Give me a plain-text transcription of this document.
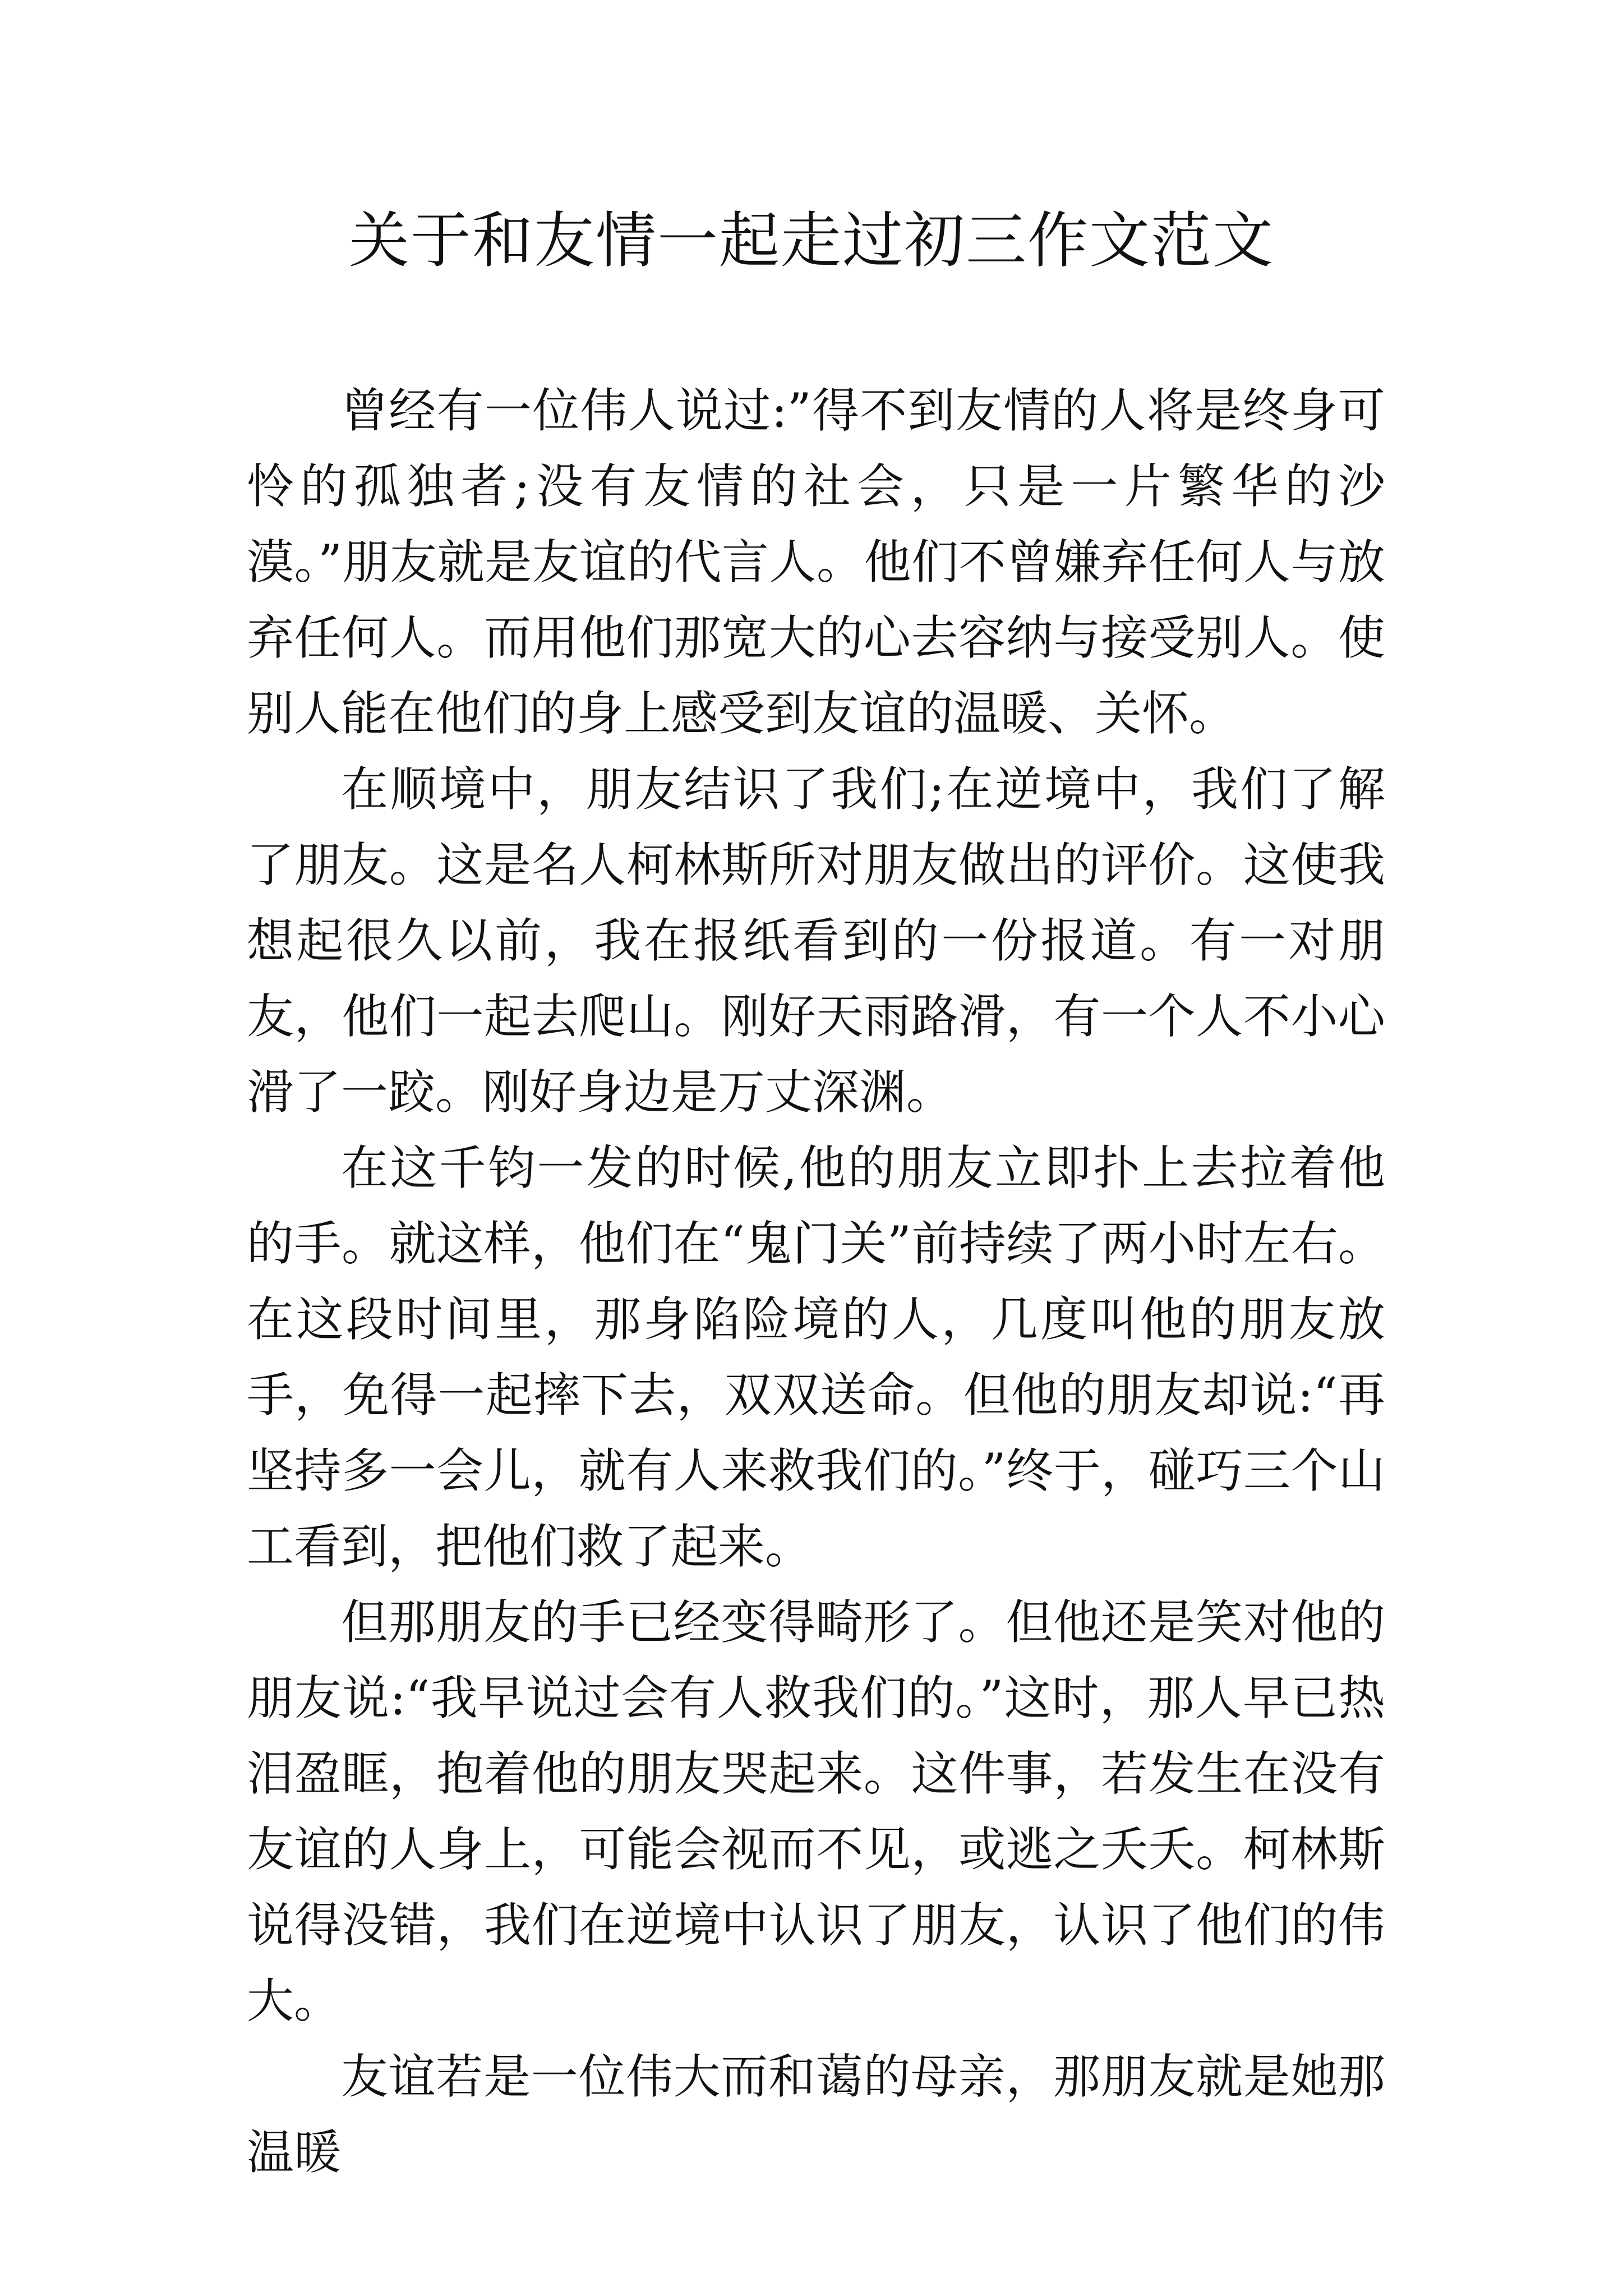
关于和友情一起走过初三作文范文

曾经有一位伟人说过:”得不到友情的人将是终身可怜的孤独者;没有友情的社会，只是一片繁华的沙漠。”朋友就是友谊的代言人。他们不曾嫌弃任何人与放弃任何人。而用他们那宽大的心去容纳与接受别人。使别人能在他们的身上感受到友谊的温暖、关怀。

在顺境中，朋友结识了我们;在逆境中，我们了解了朋友。这是名人柯林斯所对朋友做出的评价。这使我想起很久以前，我在报纸看到的一份报道。有一对朋友，他们一起去爬山。刚好天雨路滑，有一个人不小心滑了一跤。刚好身边是万丈深渊。

在这千钧一发的时候,他的朋友立即扑上去拉着他的手。就这样，他们在“鬼门关”前持续了两小时左右。在这段时间里，那身陷险境的人，几度叫他的朋友放手，免得一起摔下去，双双送命。但他的朋友却说:“再坚持多一会儿，就有人来救我们的。”终于，碰巧三个山工看到，把他们救了起来。

但那朋友的手已经变得畸形了。但他还是笑对他的朋友说:“我早说过会有人救我们的。”这时，那人早已热泪盈眶，抱着他的朋友哭起来。这件事，若发生在没有友谊的人身上，可能会视而不见，或逃之夭夭。柯林斯说得没错，我们在逆境中认识了朋友，认识了他们的伟大。

友谊若是一位伟大而和蔼的母亲，那朋友就是她那温暖
